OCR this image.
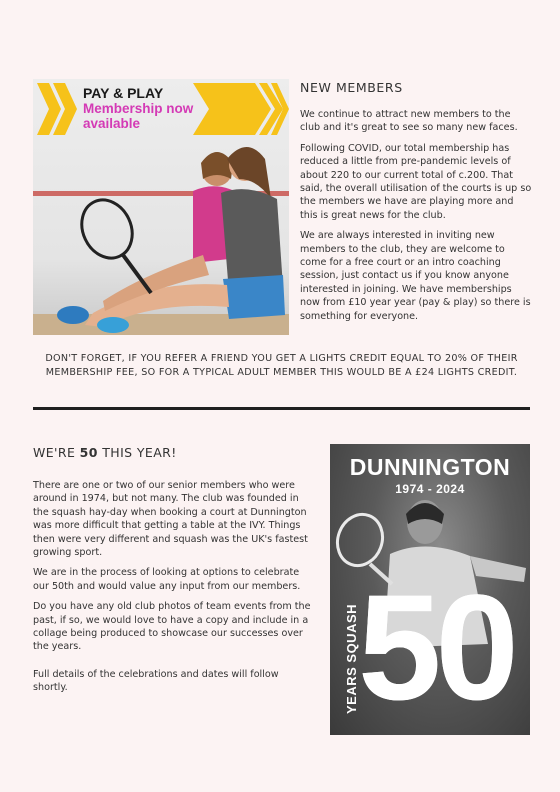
PAY & PLAY
Membership now available
NEW MEMBERS

We continue to attract new members to the club and it's great to see so many new faces.

Following COVID, our total membership has reduced a little from pre-pandemic levels of about 220 to our current total of c.200. That said, the overall utilisation of the courts is up so the members we have are playing more and this is great news for the club.

We are always interested in inviting new members to the club, they are welcome to come for a free court or an intro coaching session, just contact us if you know anyone interested in joining. We have memberships now from £10 year year (pay & play) so there is something for everyone.

DON'T FORGET, IF YOU REFER A FRIEND YOU GET A LIGHTS CREDIT EQUAL TO 20% OF THEIR MEMBERSHIP FEE, SO FOR A TYPICAL ADULT MEMBER THIS WOULD BE A £24 LIGHTS CREDIT.
WE'RE 50 THIS YEAR!

There are one or two of our senior members who were around in 1974, but not many. The club was founded in the squash hay-day when booking a court at Dunnington was more difficult that getting a table at the IVY. Things then were very different and squash was the UK's fastest growing sport.

We are in the process of looking at options to celebrate our 50th and would value any input from our members.

Do you have any old club photos of team events from the past, if so, we would love to have a copy and include in a collage being produced to showcase our successes over the years.

Full details of the celebrations and dates will follow shortly.

DUNNINGTON
1974 - 2024
50
YEARS SQUASH
